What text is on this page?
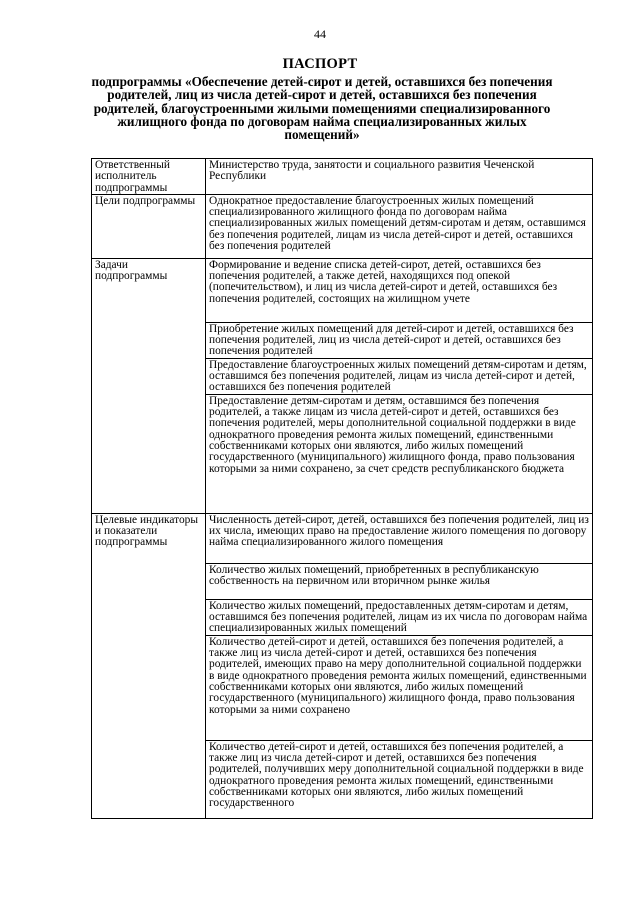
44
ПАСПОРТ
подпрограммы «Обеспечение детей-сирот и детей, оставшихся без попечения родителей, лиц из числа детей-сирот и детей, оставшихся без попечения родителей, благоустроенными жилыми помещениями специализированного жилищного фонда по договорам найма специализированных жилых помещений»
Ответственный исполнитель подпрограммы	Министерство труда, занятости и социального развития Чеченской Республики
Цели подпрограммы	Однократное предоставление благоустроенных жилых помещений специализированного жилищного фонда по договорам найма специализированных жилых помещений детям-сиротам и детям, оставшимся без попечения родителей, лицам из числа детей-сирот и детей, оставшихся без попечения родителей
Задачи подпрограммы	Формирование и ведение списка детей-сирот, детей, оставшихся без попечения родителей, а также детей, находящихся под опекой (попечительством), и лиц из числа детей-сирот и детей, оставшихся без попечения родителей, состоящих на жилищном учете
	Приобретение жилых помещений для детей-сирот и детей, оставшихся без попечения родителей, лиц из числа детей-сирот и детей, оставшихся без попечения родителей
	Предоставление благоустроенных жилых помещений детям-сиротам и детям, оставшимся без попечения родителей, лицам из числа детей-сирот и детей, оставшихся без попечения родителей
	Предоставление детям-сиротам и детям, оставшимся без попечения родителей, а также лицам из числа детей-сирот и детей, оставшихся без попечения родителей, меры дополнительной социальной поддержки в виде однократного проведения ремонта жилых помещений, единственными собственниками которых они являются, либо жилых помещений государственного (муниципального) жилищного фонда, право пользования которыми за ними сохранено, за счет средств республиканского бюджета
Целевые индикаторы и показатели подпрограммы	Численность детей-сирот, детей, оставшихся без попечения родителей, лиц из их числа, имеющих право на предоставление жилого помещения по договору найма специализированного жилого помещения
	Количество жилых помещений, приобретенных в республиканскую собственность на первичном или вторичном рынке жилья
	Количество жилых помещений, предоставленных детям-сиротам и детям, оставшимся без попечения родителей, лицам из их числа по договорам найма специализированных жилых помещений
	Количество детей-сирот и детей, оставшихся без попечения родителей, а также лиц из числа детей-сирот и детей, оставшихся без попечения родителей, имеющих право на меру дополнительной социальной поддержки в виде однократного проведения ремонта жилых помещений, единственными собственниками которых они являются, либо жилых помещений государственного (муниципального) жилищного фонда, право пользования которыми за ними сохранено
	Количество детей-сирот и детей, оставшихся без попечения родителей, а также лиц из числа детей-сирот и детей, оставшихся без попечения родителей, получивших меру дополнительной социальной поддержки в виде однократного проведения ремонта жилых помещений, единственными собственниками которых они являются, либо жилых помещений государственного
